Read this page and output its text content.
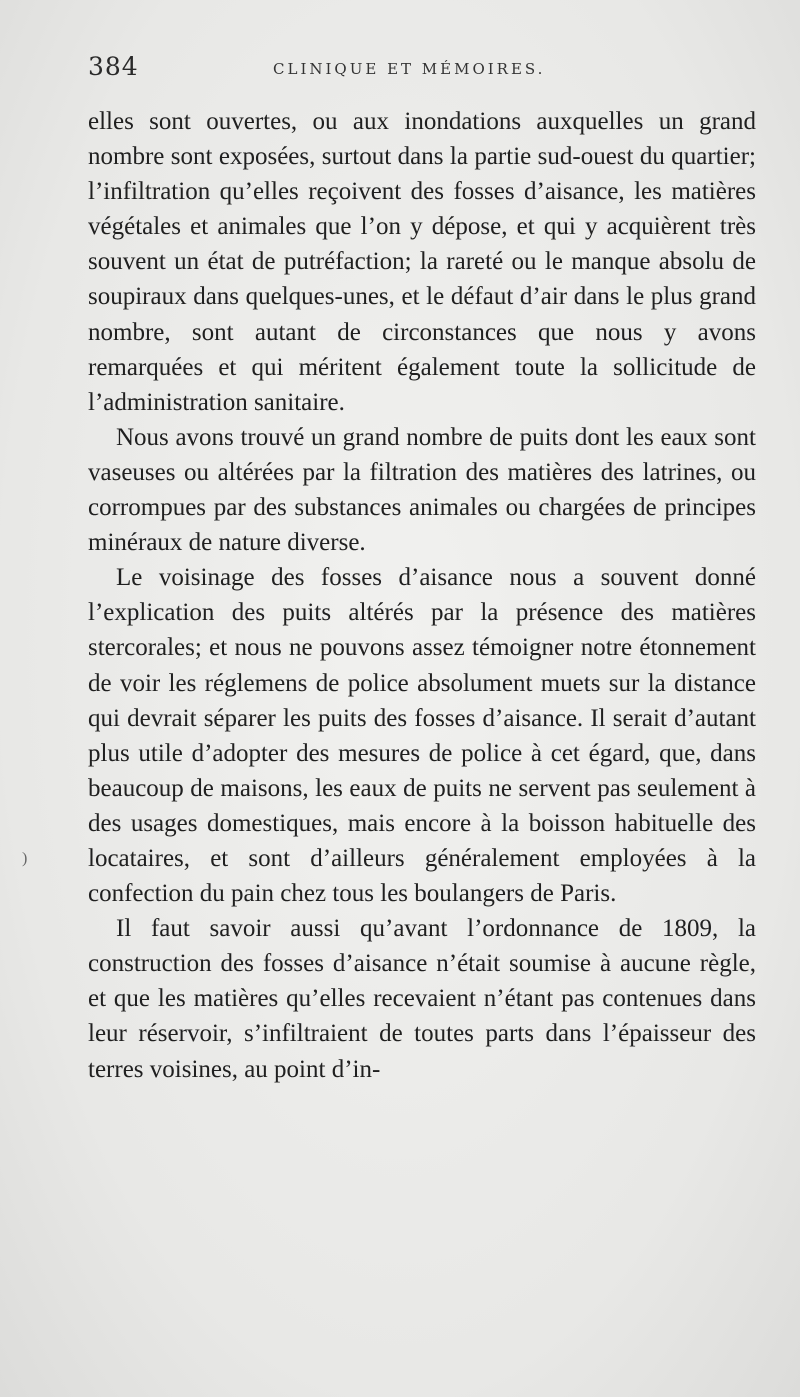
384	CLINIQUE ET MÉMOIRES.

elles sont ouvertes, ou aux inondations auxquelles un grand nombre sont exposées, surtout dans la partie sud-ouest du quartier; l’infiltration qu’elles reçoivent des fosses d’aisance, les matières végétales et animales que l’on y dépose, et qui y acquièrent très souvent un état de putréfaction; la rareté ou le manque absolu de soupiraux dans quelques-unes, et le défaut d’air dans le plus grand nombre, sont autant de circonstances que nous y avons remarquées et qui méritent également toute la sollicitude de l’administration sanitaire.

Nous avons trouvé un grand nombre de puits dont les eaux sont vaseuses ou altérées par la filtration des matières des latrines, ou corrompues par des substances animales ou chargées de principes minéraux de nature diverse.

Le voisinage des fosses d’aisance nous a souvent donné l’explication des puits altérés par la présence des matières stercorales; et nous ne pouvons assez témoigner notre étonnement de voir les réglemens de police absolument muets sur la distance qui devrait séparer les puits des fosses d’aisance. Il serait d’autant plus utile d’adopter des mesures de police à cet égard, que, dans beaucoup de maisons, les eaux de puits ne servent pas seulement à des usages domestiques, mais encore à la boisson habituelle des locataires, et sont d’ailleurs généralement employées à la confection du pain chez tous les boulangers de Paris.

Il faut savoir aussi qu’avant l’ordonnance de 1809, la construction des fosses d’aisance n’était soumise à aucune règle, et que les matières qu’elles recevaient n’étant pas contenues dans leur réservoir, s’infiltraient de toutes parts dans l’épaisseur des terres voisines, au point d’in-

)
